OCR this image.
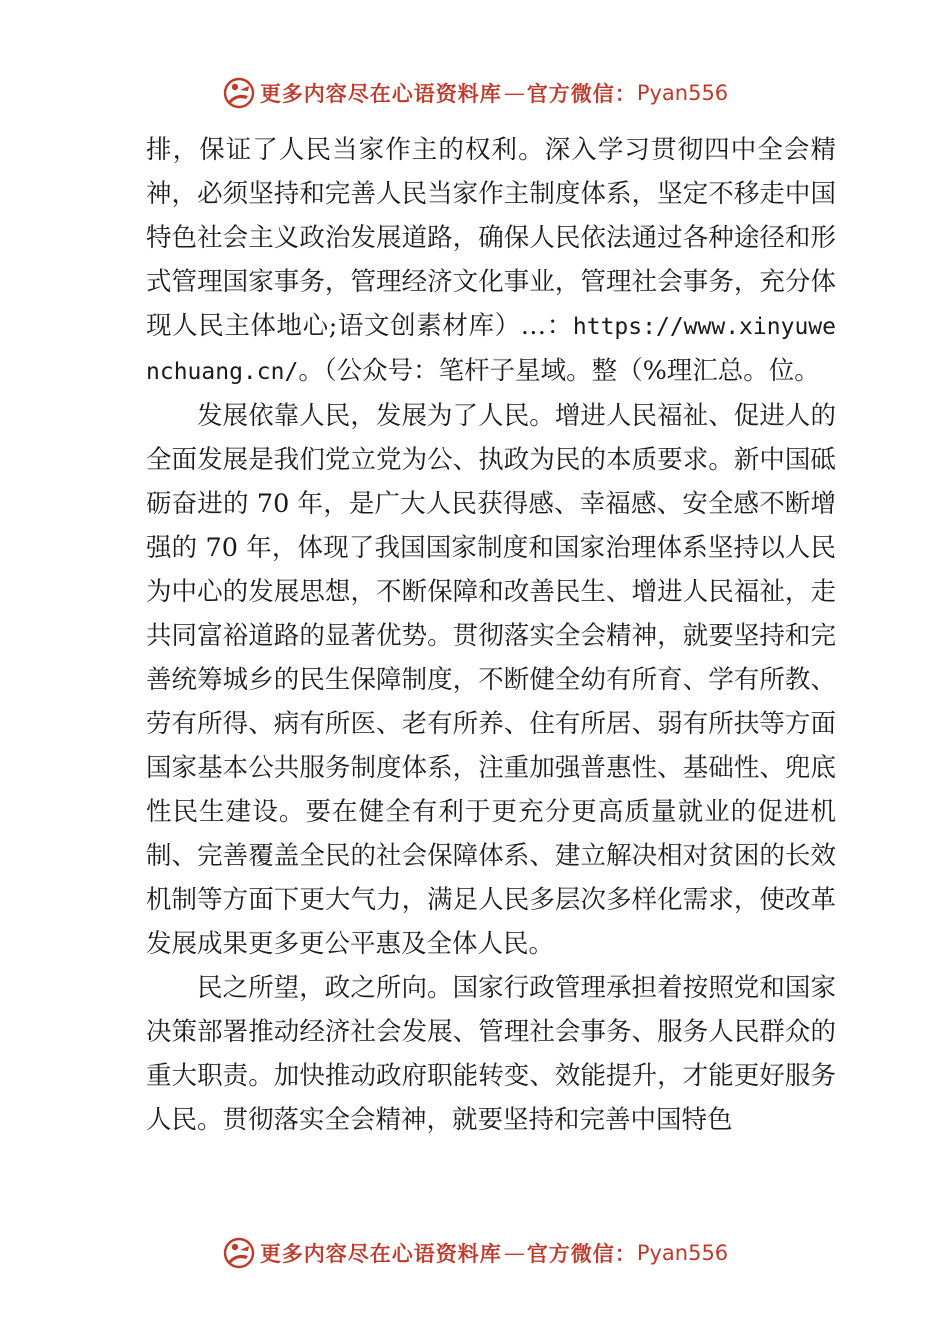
更多内容尽在心语资料库 — 官方微信： Pyan556

排，保证了人民当家作主的权利。深入学习贯彻四中全会精神，必须坚持和完善人民当家作主制度体系，坚定不移走中国特色社会主义政治发展道路，确保人民依法通过各种途径和形式管理国家事务，管理经济文化事业，管理社会事务，充分体现人民主体地心;语文创素材库）…：https://www.xinyuwenchuang.cn/。（公众号：笔杆子星域。整（%理汇总。位。

发展依靠人民，发展为了人民。增进人民福祉、促进人的全面发展是我们党立党为公、执政为民的本质要求。新中国砥砺奋进的 70 年，是广大人民获得感、幸福感、安全感不断增强的 70 年，体现了我国国家制度和国家治理体系坚持以人民为中心的发展思想，不断保障和改善民生、增进人民福祉，走共同富裕道路的显著优势。贯彻落实全会精神，就要坚持和完善统筹城乡的民生保障制度，不断健全幼有所育、学有所教、劳有所得、病有所医、老有所养、住有所居、弱有所扶等方面国家基本公共服务制度体系，注重加强普惠性、基础性、兜底性民生建设。要在健全有利于更充分更高质量就业的促进机制、完善覆盖全民的社会保障体系、建立解决相对贫困的长效机制等方面下更大气力，满足人民多层次多样化需求，使改革发展成果更多更公平惠及全体人民。

民之所望，政之所向。国家行政管理承担着按照党和国家决策部署推动经济社会发展、管理社会事务、服务人民群众的重大职责。加快推动政府职能转变、效能提升，才能更好服务人民。贯彻落实全会精神，就要坚持和完善中国特色

更多内容尽在心语资料库 — 官方微信： Pyan556
